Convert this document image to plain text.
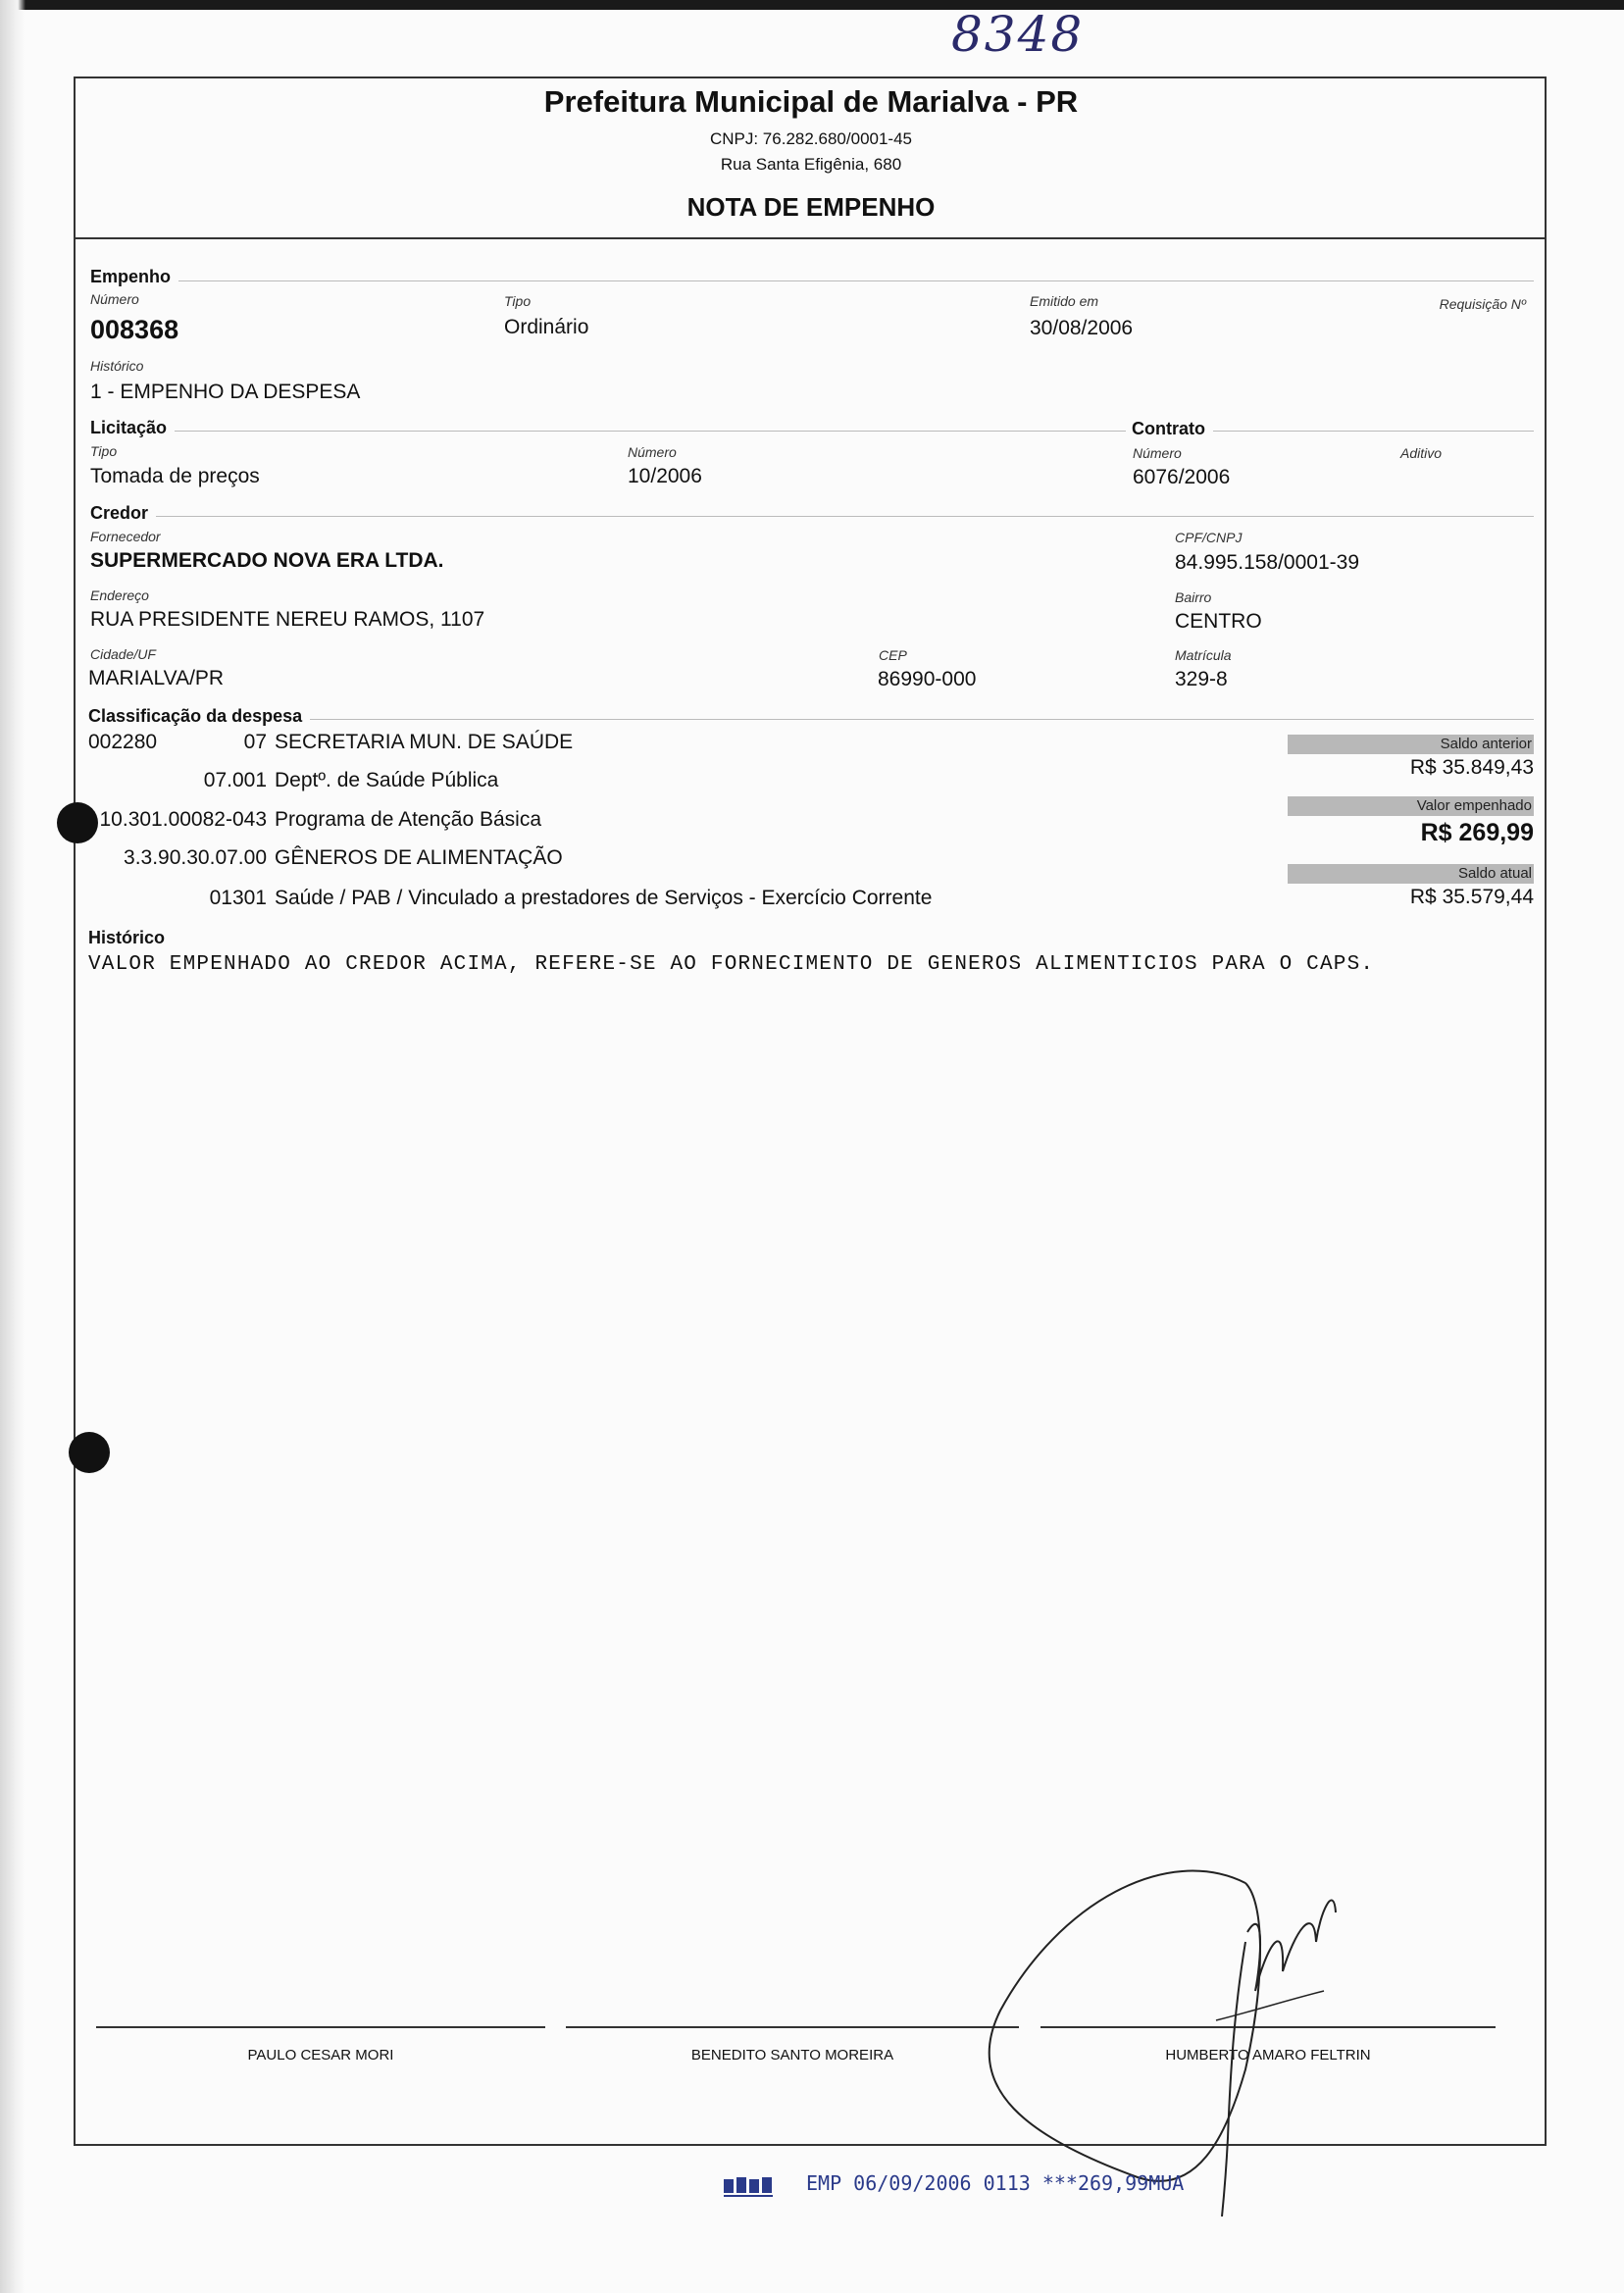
8348
Prefeitura Municipal de Marialva - PR
CNPJ: 76.282.680/0001-45
Rua Santa Efigênia, 680
NOTA DE EMPENHO
Empenho
Número
008368
Tipo
Ordinário
Emitido em
30/08/2006
Requisição Nº
Histórico
1 - EMPENHO DA DESPESA
Licitação	Contrato
Tipo
Tomada de preços
Número
10/2006
Número
6076/2006
Aditivo
Credor
Fornecedor
SUPERMERCADO NOVA ERA LTDA.
CPF/CNPJ
84.995.158/0001-39
Endereço
RUA PRESIDENTE NEREU RAMOS, 1107
Bairro
CENTRO
Cidade/UF
MARIALVA/PR
CEP
86990-000
Matrícula
329-8
Classificação da despesa
002280	07 SECRETARIA MUN. DE SAÚDE
07.001 Deptº. de Saúde Pública
10.301.00082-043 Programa de Atenção Básica
3.3.90.30.07.00 GÊNEROS DE ALIMENTAÇÃO
01301 Saúde / PAB / Vinculado a prestadores de Serviços - Exercício Corrente
Saldo anterior
R$ 35.849,43
Valor empenhado
R$ 269,99
Saldo atual
R$ 35.579,44
Histórico
VALOR EMPENHADO AO CREDOR ACIMA, REFERE-SE AO FORNECIMENTO DE GENEROS ALIMENTICIOS PARA O CAPS.
PAULO CESAR MORI	BENEDITO SANTO MOREIRA	HUMBERTO AMARO FELTRIN
EMP 06/09/2006 0113 ***269,99MUA
